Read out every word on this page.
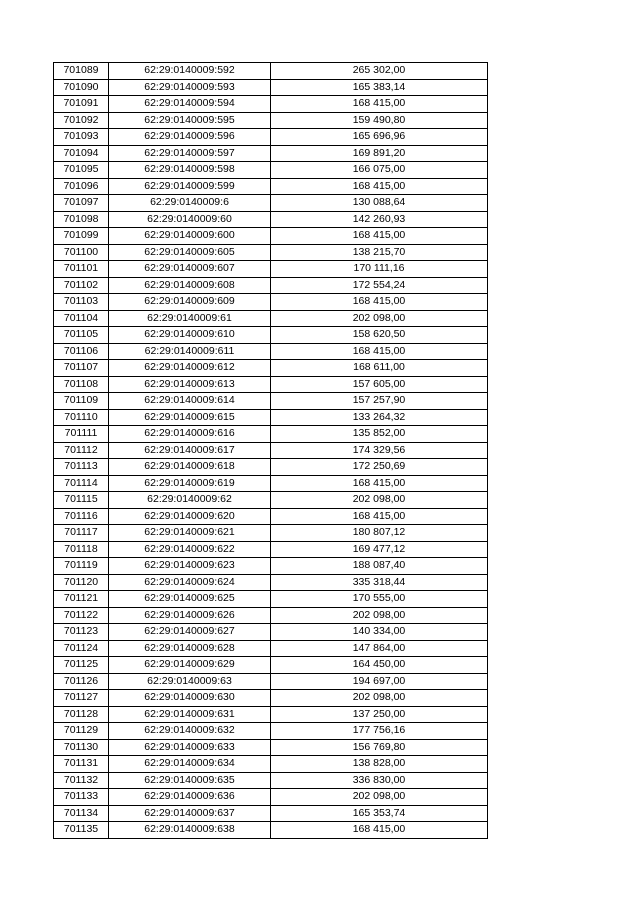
701089	62:29:0140009:592	265 302,00
701090	62:29:0140009:593	165 383,14
701091	62:29:0140009:594	168 415,00
701092	62:29:0140009:595	159 490,80
701093	62:29:0140009:596	165 696,96
701094	62:29:0140009:597	169 891,20
701095	62:29:0140009:598	166 075,00
701096	62:29:0140009:599	168 415,00
701097	62:29:0140009:6	130 088,64
701098	62:29:0140009:60	142 260,93
701099	62:29:0140009:600	168 415,00
701100	62:29:0140009:605	138 215,70
701101	62:29:0140009:607	170 111,16
701102	62:29:0140009:608	172 554,24
701103	62:29:0140009:609	168 415,00
701104	62:29:0140009:61	202 098,00
701105	62:29:0140009:610	158 620,50
701106	62:29:0140009:611	168 415,00
701107	62:29:0140009:612	168 611,00
701108	62:29:0140009:613	157 605,00
701109	62:29:0140009:614	157 257,90
701110	62:29:0140009:615	133 264,32
701111	62:29:0140009:616	135 852,00
701112	62:29:0140009:617	174 329,56
701113	62:29:0140009:618	172 250,69
701114	62:29:0140009:619	168 415,00
701115	62:29:0140009:62	202 098,00
701116	62:29:0140009:620	168 415,00
701117	62:29:0140009:621	180 807,12
701118	62:29:0140009:622	169 477,12
701119	62:29:0140009:623	188 087,40
701120	62:29:0140009:624	335 318,44
701121	62:29:0140009:625	170 555,00
701122	62:29:0140009:626	202 098,00
701123	62:29:0140009:627	140 334,00
701124	62:29:0140009:628	147 864,00
701125	62:29:0140009:629	164 450,00
701126	62:29:0140009:63	194 697,00
701127	62:29:0140009:630	202 098,00
701128	62:29:0140009:631	137 250,00
701129	62:29:0140009:632	177 756,16
701130	62:29:0140009:633	156 769,80
701131	62:29:0140009:634	138 828,00
701132	62:29:0140009:635	336 830,00
701133	62:29:0140009:636	202 098,00
701134	62:29:0140009:637	165 353,74
701135	62:29:0140009:638	168 415,00
